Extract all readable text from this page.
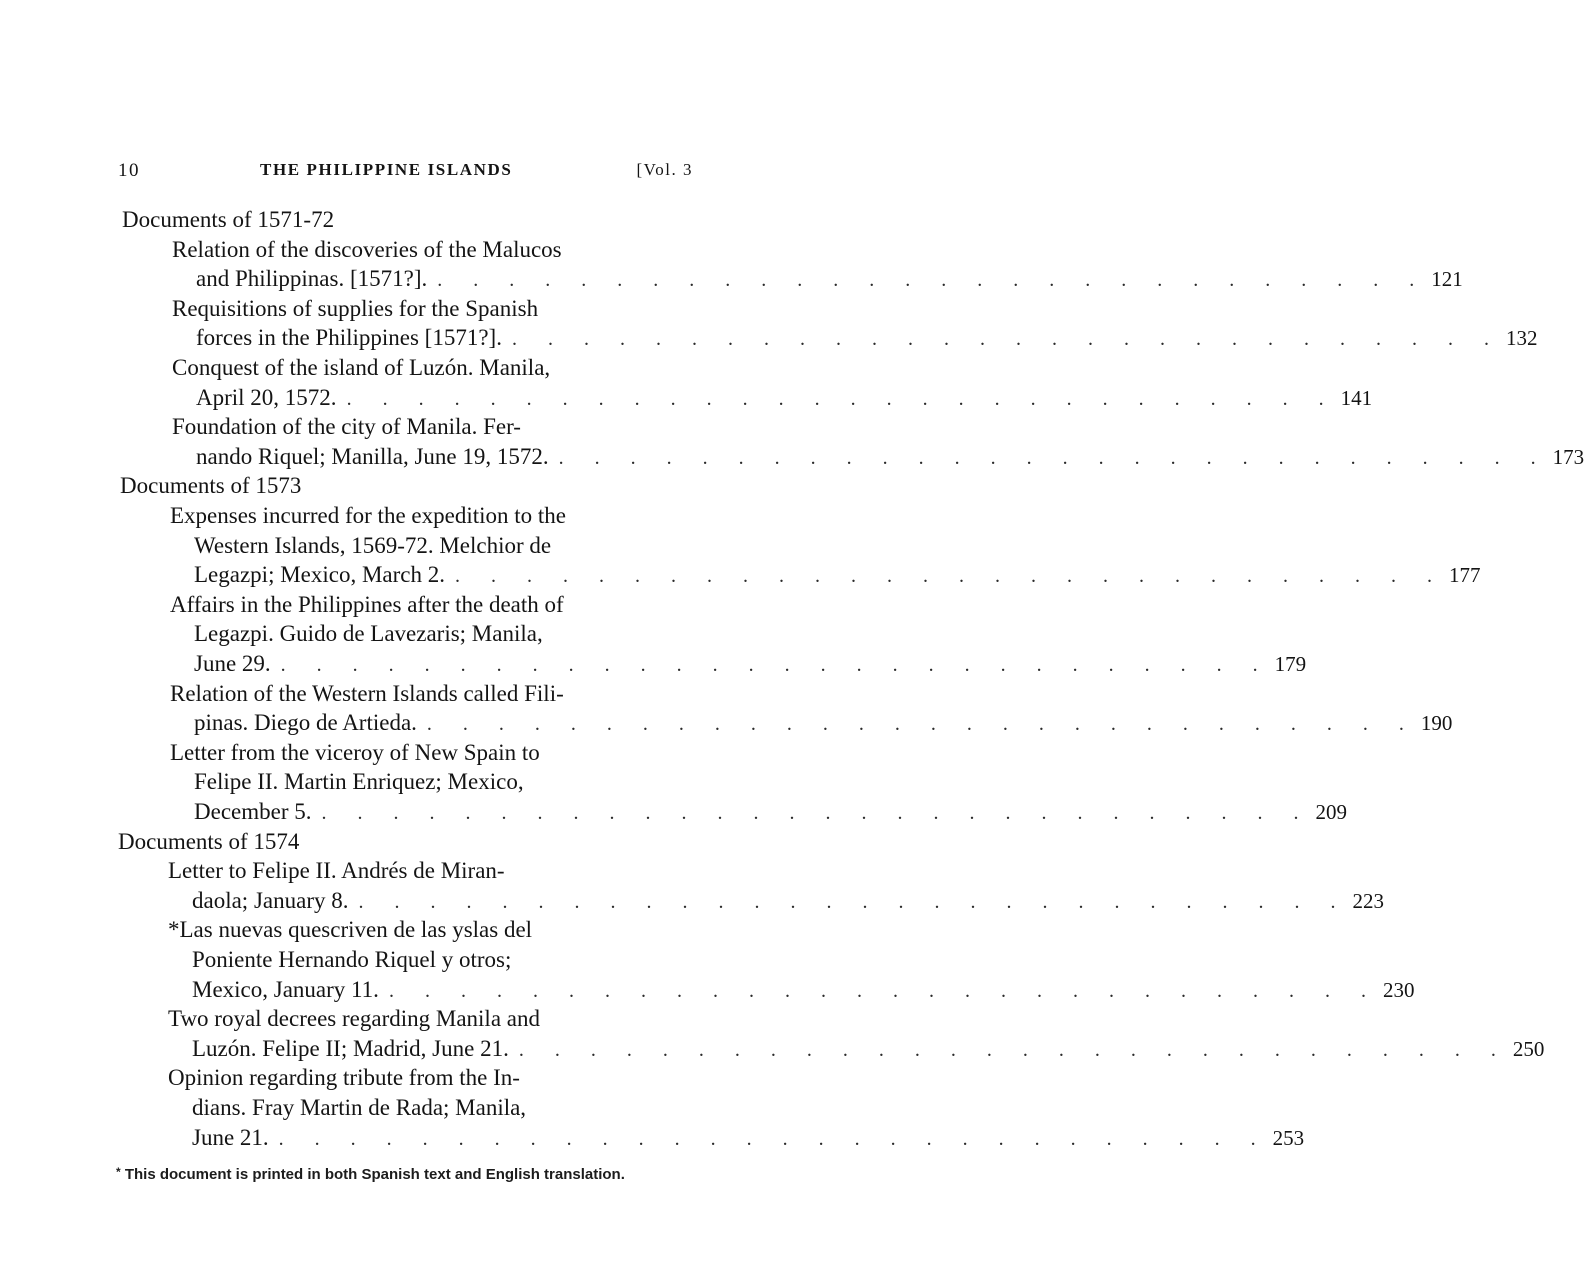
10	THE PHILIPPINE ISLANDS	[Vol. 3
Documents of 1571-72
Relation of the discoveries of the Malucos
and Philippinas. [1571?]. . . . . . . . . . . . . . . . . . . . . . . . . . . . . 121
Requisitions of supplies for the Spanish
forces in the Philippines [1571?]. . . . . . . . . . . . . . . . . . . . . . . . . . . . . 132
Conquest of the island of Luzón. Manila,
April 20, 1572. . . . . . . . . . . . . . . . . . . . . . . . . . . . . 141
Foundation of the city of Manila. Fer-
nando Riquel; Manilla, June 19, 1572. . . . . . . . . . . . . . . . . . . . . . . . . . . . . 173
Documents of 1573
Expenses incurred for the expedition to the
Western Islands, 1569-72. Melchior de
Legazpi; Mexico, March 2. . . . . . . . . . . . . . . . . . . . . . . . . . . . . 177
Affairs in the Philippines after the death of
Legazpi. Guido de Lavezaris; Manila,
June 29. . . . . . . . . . . . . . . . . . . . . . . . . . . . . 179
Relation of the Western Islands called Fili-
pinas. Diego de Artieda. . . . . . . . . . . . . . . . . . . . . . . . . . . . . 190
Letter from the viceroy of New Spain to
Felipe II. Martin Enriquez; Mexico,
December 5. . . . . . . . . . . . . . . . . . . . . . . . . . . . . 209
Documents of 1574
Letter to Felipe II. Andrés de Miran-
daola; January 8. . . . . . . . . . . . . . . . . . . . . . . . . . . . . 223
*Las nuevas quescriven de las yslas del
Poniente Hernando Riquel y otros;
Mexico, January 11. . . . . . . . . . . . . . . . . . . . . . . . . . . . . 230
Two royal decrees regarding Manila and
Luzón. Felipe II; Madrid, June 21. . . . . . . . . . . . . . . . . . . . . . . . . . . . . 250
Opinion regarding tribute from the In-
dians. Fray Martin de Rada; Manila,
June 21. . . . . . . . . . . . . . . . . . . . . . . . . . . . . 253
* This document is printed in both Spanish text and English translation.
